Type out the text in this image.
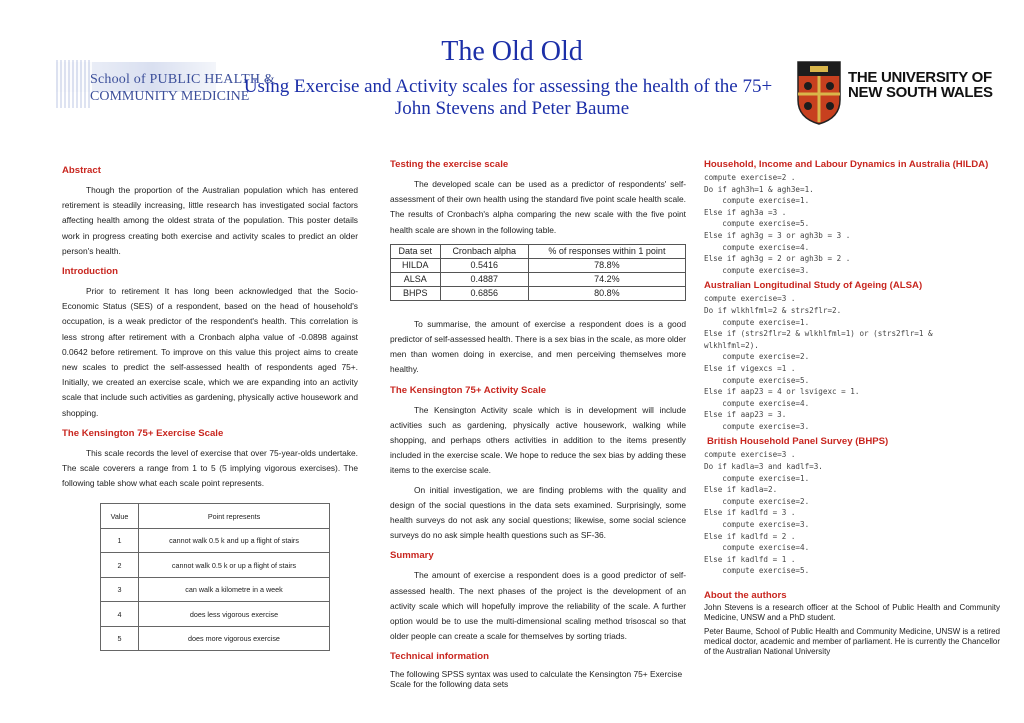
School of PUBLIC HEALTH &
COMMUNITY MEDICINE
The Old Old
Using Exercise and Activity scales for assessing the health of the 75+
John Stevens and Peter Baume
THE UNIVERSITY OF
NEW SOUTH WALES
Abstract

Though the proportion of the Australian population which has entered retirement is steadily increasing, little research has investigated social factors affecting health among the oldest strata of the population. This poster details work in progress creating both exercise and activity scales to predict an older person's health.

Introduction

Prior to retirement It has long been acknowledged that the Socio-Economic Status (SES) of a respondent, based on the head of household's occupation, is a weak predictor of the respondent's health. This correlation is less strong after retirement with a Cronbach alpha value of -0.0898 against 0.0642 before retirement. To improve on this value this project aims to create new scales to predict the self-assessed health of respondents aged 75+. Initially, we created an exercise scale, which we are expanding into an activity scale that include such activities as gardening, physically active housework and shopping.

The Kensington 75+ Exercise Scale

This scale records the level of exercise that over 75-year-olds undertake. The scale coverers a range from 1 to 5 (5 implying vigorous exercises). The following table show what each scale point represents.

Value	Point represents
1	cannot walk 0.5 k and up a flight of stairs
2	cannot walk 0.5 k or up a flight of stairs
3	can walk a kilometre in a week
4	does less vigorous exercise
5	does more vigorous exercise
Testing the exercise scale

The developed scale can be used as a predictor of respondents' self-assessment of their own health using the standard five point scale health scale. The results of Cronbach's alpha comparing the new scale with the five point health scale are shown in the following table.

Data set	Cronbach alpha	% of responses within 1 point
HILDA	0.5416	78.8%
ALSA	0.4887	74.2%
BHPS	0.6856	80.8%

To summarise, the amount of exercise a respondent does is a good predictor of self-assessed health. There is a sex bias in the scale, as more older men than women doing in exercise, and men perceiving themselves more healthy.

The Kensington 75+ Activity Scale

The Kensington Activity scale which is in development will include activities such as gardening, physically active housework, walking while shopping, and perhaps others activities in addition to the items presently included in the exercise scale. We hope to reduce the sex bias by adding these items to the exercise scale.

On initial investigation, we are finding problems with the quality and design of the social questions in the data sets examined. Surprisingly, some health surveys do not ask any social questions; likewise, some social science surveys do no ask simple health questions such as SF-36.

Summary

The amount of exercise a respondent does is a good predictor of self-assessed health. The next phases of the project is the development of an activity scale which will hopefully improve the reliability of the scale. A further option would be to use the multi-dimensional scaling method trisoscal so that older people can create a scale for themselves by sorting triads.

Technical information

The following SPSS syntax was used to calculate the Kensington 75+ Exercise Scale for the following data sets

Household, Income and Labour Dynamics in Australia (HILDA)
compute exercise=2 .
Do if agh3h=1 & agh3e=1.
compute exercise=1.
Else if agh3a =3 .
compute exercise=5.
Else if agh3g = 3 or agh3b = 3 .
compute exercise=4.
Else if agh3g = 2 or agh3b = 2 .
compute exercise=3.
Australian Longitudinal Study of Ageing (ALSA)
compute exercise=3 .
Do if wlkhlfml=2 & strs2flr=2.
compute exercise=1.
Else if (strs2flr=2 & wlkhlfml=1) or (strs2flr=1 &
wlkhlfml=2).
compute exercise=2.
Else if vigexcs =1 .
compute exercise=5.
Else if aap23 = 4 or lsvigexc = 1.
compute exercise=4.
Else if aap23 = 3.
compute exercise=3.
British Household Panel Survey (BHPS)
compute exercise=3 .
Do if kadla=3 and kadlf=3.
compute exercise=1.
Else if kadla=2.
compute exercise=2.
Else if kadlfd = 3 .
compute exercise=3.
Else if kadlfd = 2 .
compute exercise=4.
Else if kadlfd = 1 .
compute exercise=5.
About the authors

John Stevens is a research officer at the School of Public Health and Community Medicine, UNSW and a PhD student.

Peter Baume, School of Public Health and Community Medicine, UNSW is a retired medical doctor, academic and member of parliament. He is currently the Chancellor of the Australian National University
